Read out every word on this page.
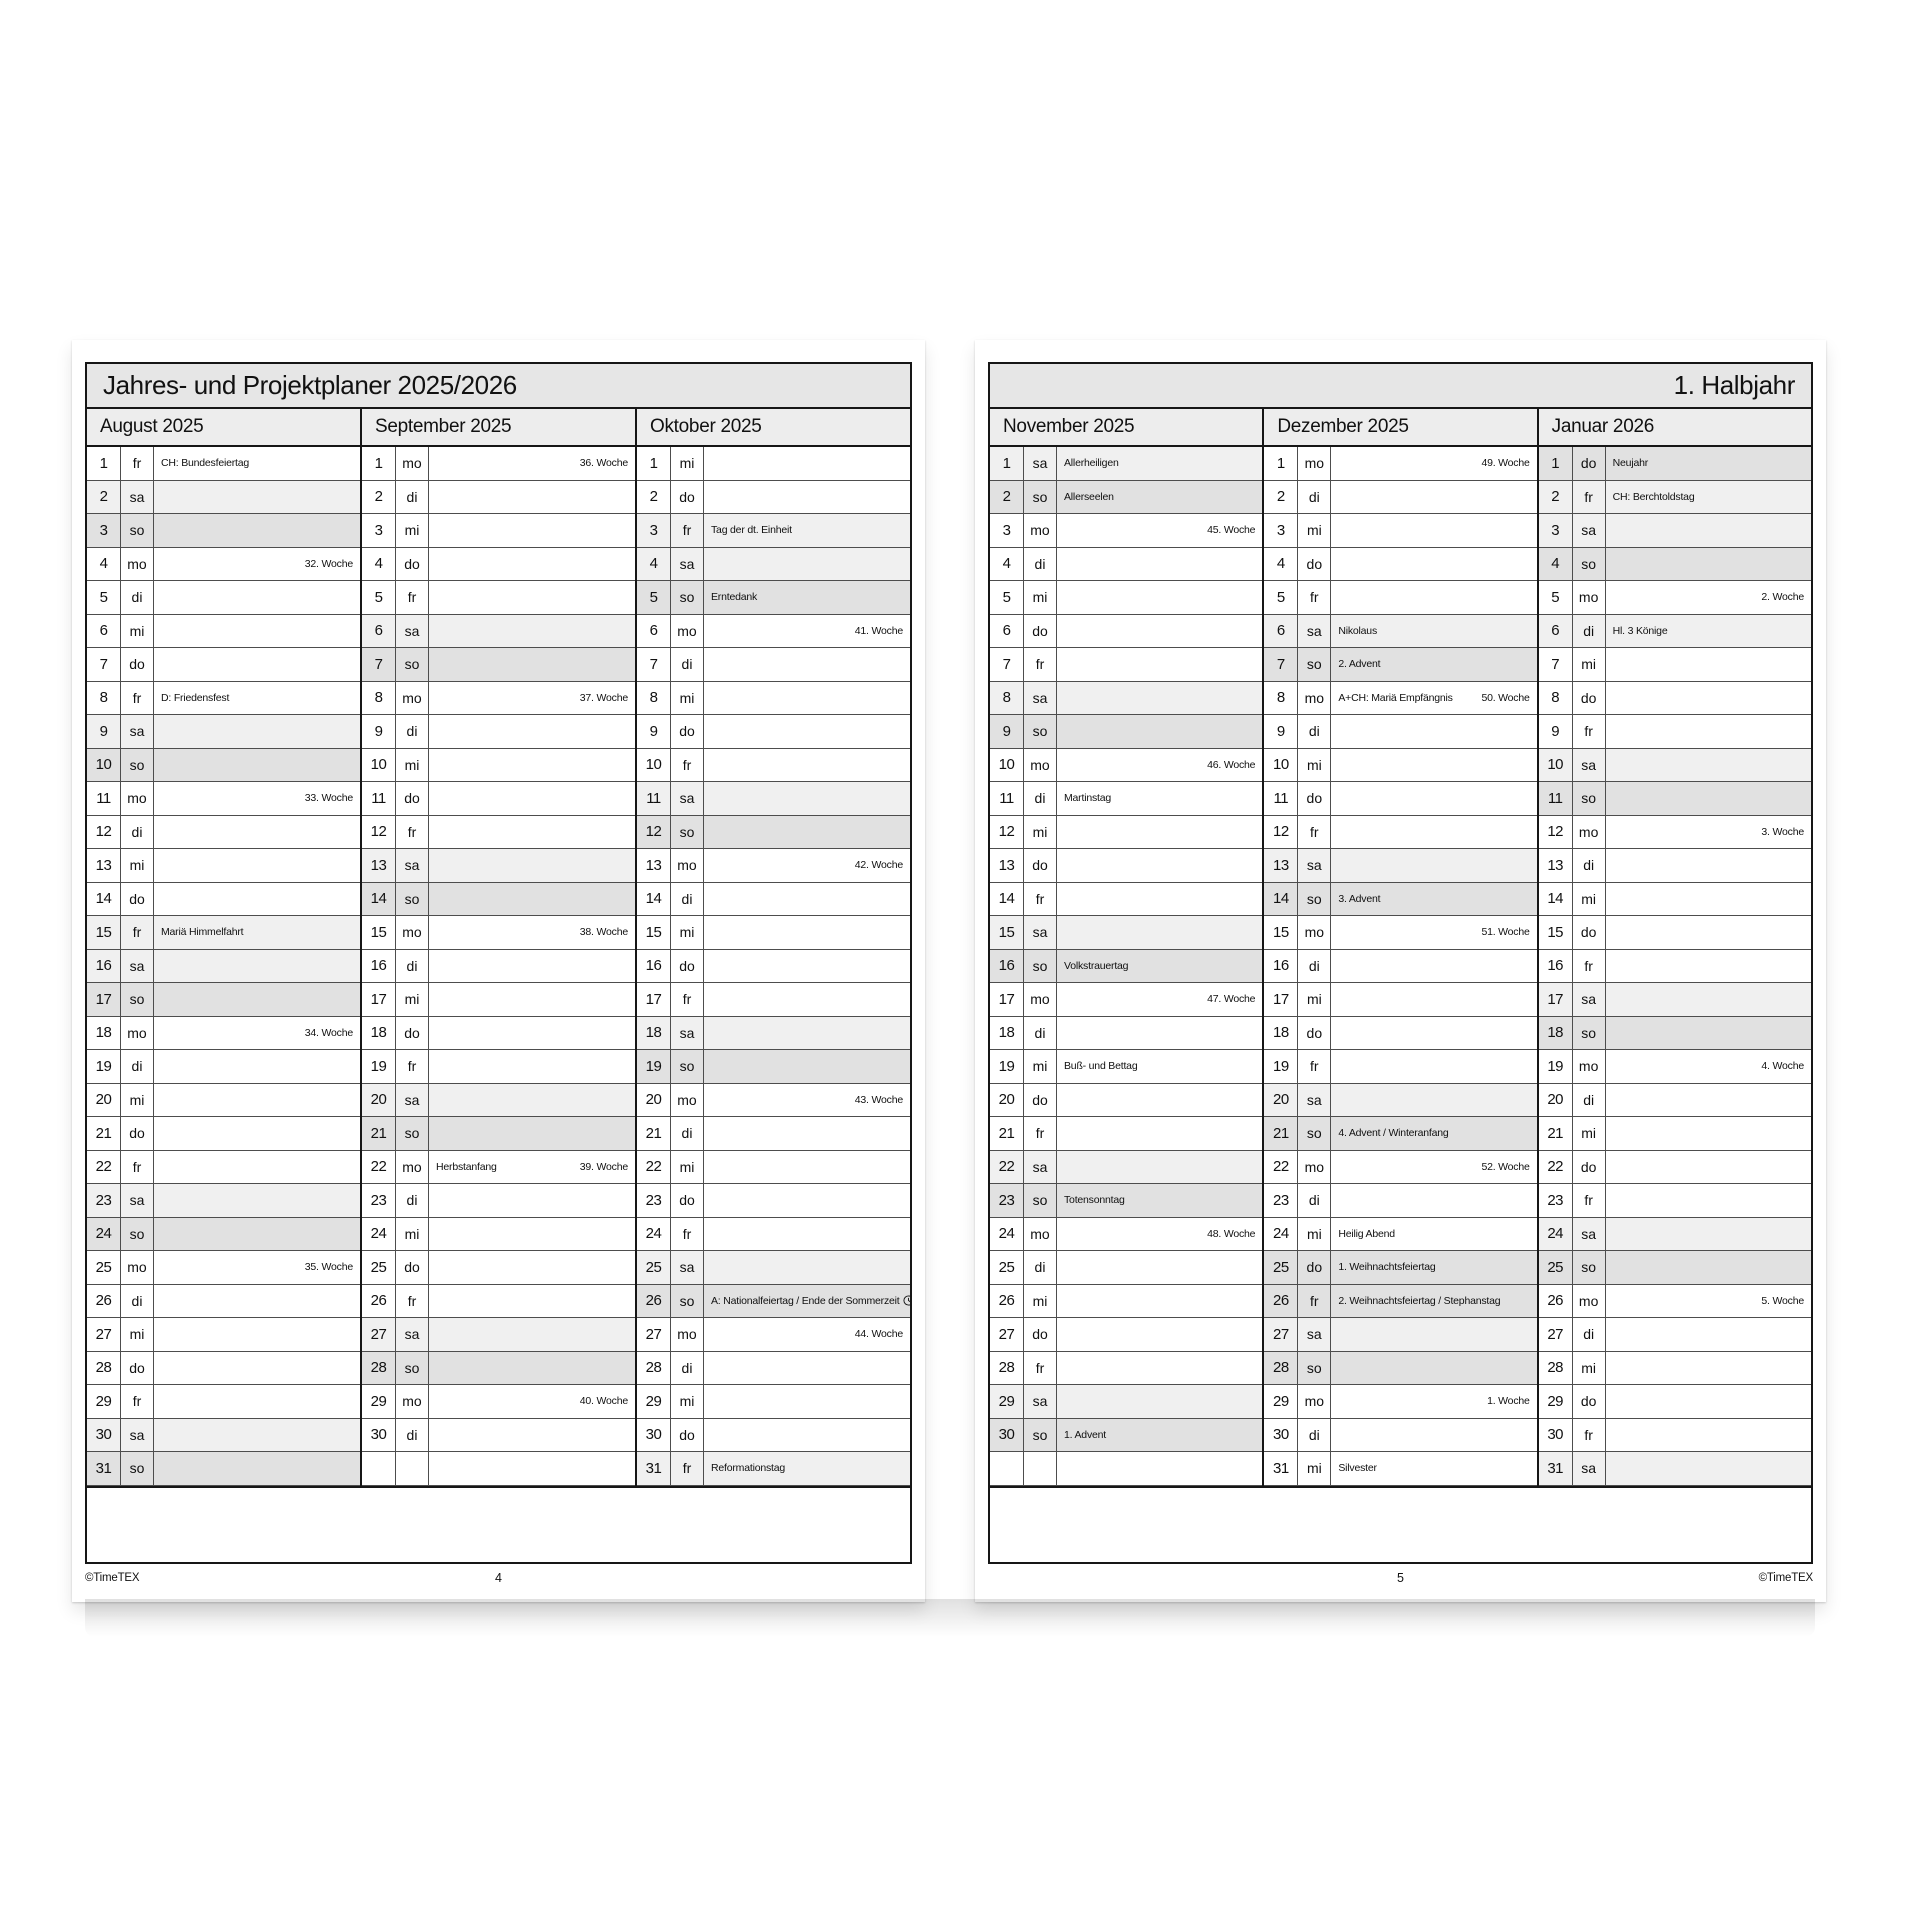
Jahres- und Projektplaner 2025/2026
August 2025
1	fr	CH: Bundesfeiertag
2	sa
3	so
4	mo	32. Woche
5	di
6	mi
7	do
8	fr	D: Friedensfest
9	sa
10	so
11	mo	33. Woche
12	di
13	mi
14	do
15	fr	Mariä Himmelfahrt
16	sa
17	so
18	mo	34. Woche
19	di
20	mi
21	do
22	fr
23	sa
24	so
25	mo	35. Woche
26	di
27	mi
28	do
29	fr
30	sa
31	so
September 2025
1	mo	36. Woche
2	di
3	mi
4	do
5	fr
6	sa
7	so
8	mo	37. Woche
9	di
10	mi
11	do
12	fr
13	sa
14	so
15	mo	38. Woche
16	di
17	mi
18	do
19	fr
20	sa
21	so
22	mo	Herbstanfang	39. Woche
23	di
24	mi
25	do
26	fr
27	sa
28	so
29	mo	40. Woche
30	di
Oktober 2025
1	mi
2	do
3	fr	Tag der dt. Einheit
4	sa
5	so	Erntedank
6	mo	41. Woche
7	di
8	mi
9	do
10	fr
11	sa
12	so
13	mo	42. Woche
14	di
15	mi
16	do
17	fr
18	sa
19	so
20	mo	43. Woche
21	di
22	mi
23	do
24	fr
25	sa
26	so	A: Nationalfeiertag / Ende der Sommerzeit
27	mo	44. Woche
28	di
29	mi
30	do
31	fr	Reformationstag
©TimeTEX	4
1. Halbjahr
November 2025
1	sa	Allerheiligen
2	so	Allerseelen
3	mo	45. Woche
4	di
5	mi
6	do
7	fr
8	sa
9	so
10	mo	46. Woche
11	di	Martinstag
12	mi
13	do
14	fr
15	sa
16	so	Volkstrauertag
17	mo	47. Woche
18	di
19	mi	Buß- und Bettag
20	do
21	fr
22	sa
23	so	Totensonntag
24	mo	48. Woche
25	di
26	mi
27	do
28	fr
29	sa
30	so	1. Advent
Dezember 2025
1	mo	49. Woche
2	di
3	mi
4	do
5	fr
6	sa	Nikolaus
7	so	2. Advent
8	mo	A+CH: Mariä Empfängnis	50. Woche
9	di
10	mi
11	do
12	fr
13	sa
14	so	3. Advent
15	mo	51. Woche
16	di
17	mi
18	do
19	fr
20	sa
21	so	4. Advent / Winteranfang
22	mo	52. Woche
23	di
24	mi	Heilig Abend
25	do	1. Weihnachtsfeiertag
26	fr	2. Weihnachtsfeiertag / Stephanstag
27	sa
28	so
29	mo	1. Woche
30	di
31	mi	Silvester
Januar 2026
1	do	Neujahr
2	fr	CH: Berchtoldstag
3	sa
4	so
5	mo	2. Woche
6	di	Hl. 3 Könige
7	mi
8	do
9	fr
10	sa
11	so
12	mo	3. Woche
13	di
14	mi
15	do
16	fr
17	sa
18	so
19	mo	4. Woche
20	di
21	mi
22	do
23	fr
24	sa
25	so
26	mo	5. Woche
27	di
28	mi
29	do
30	fr
31	sa
5	©TimeTEX
